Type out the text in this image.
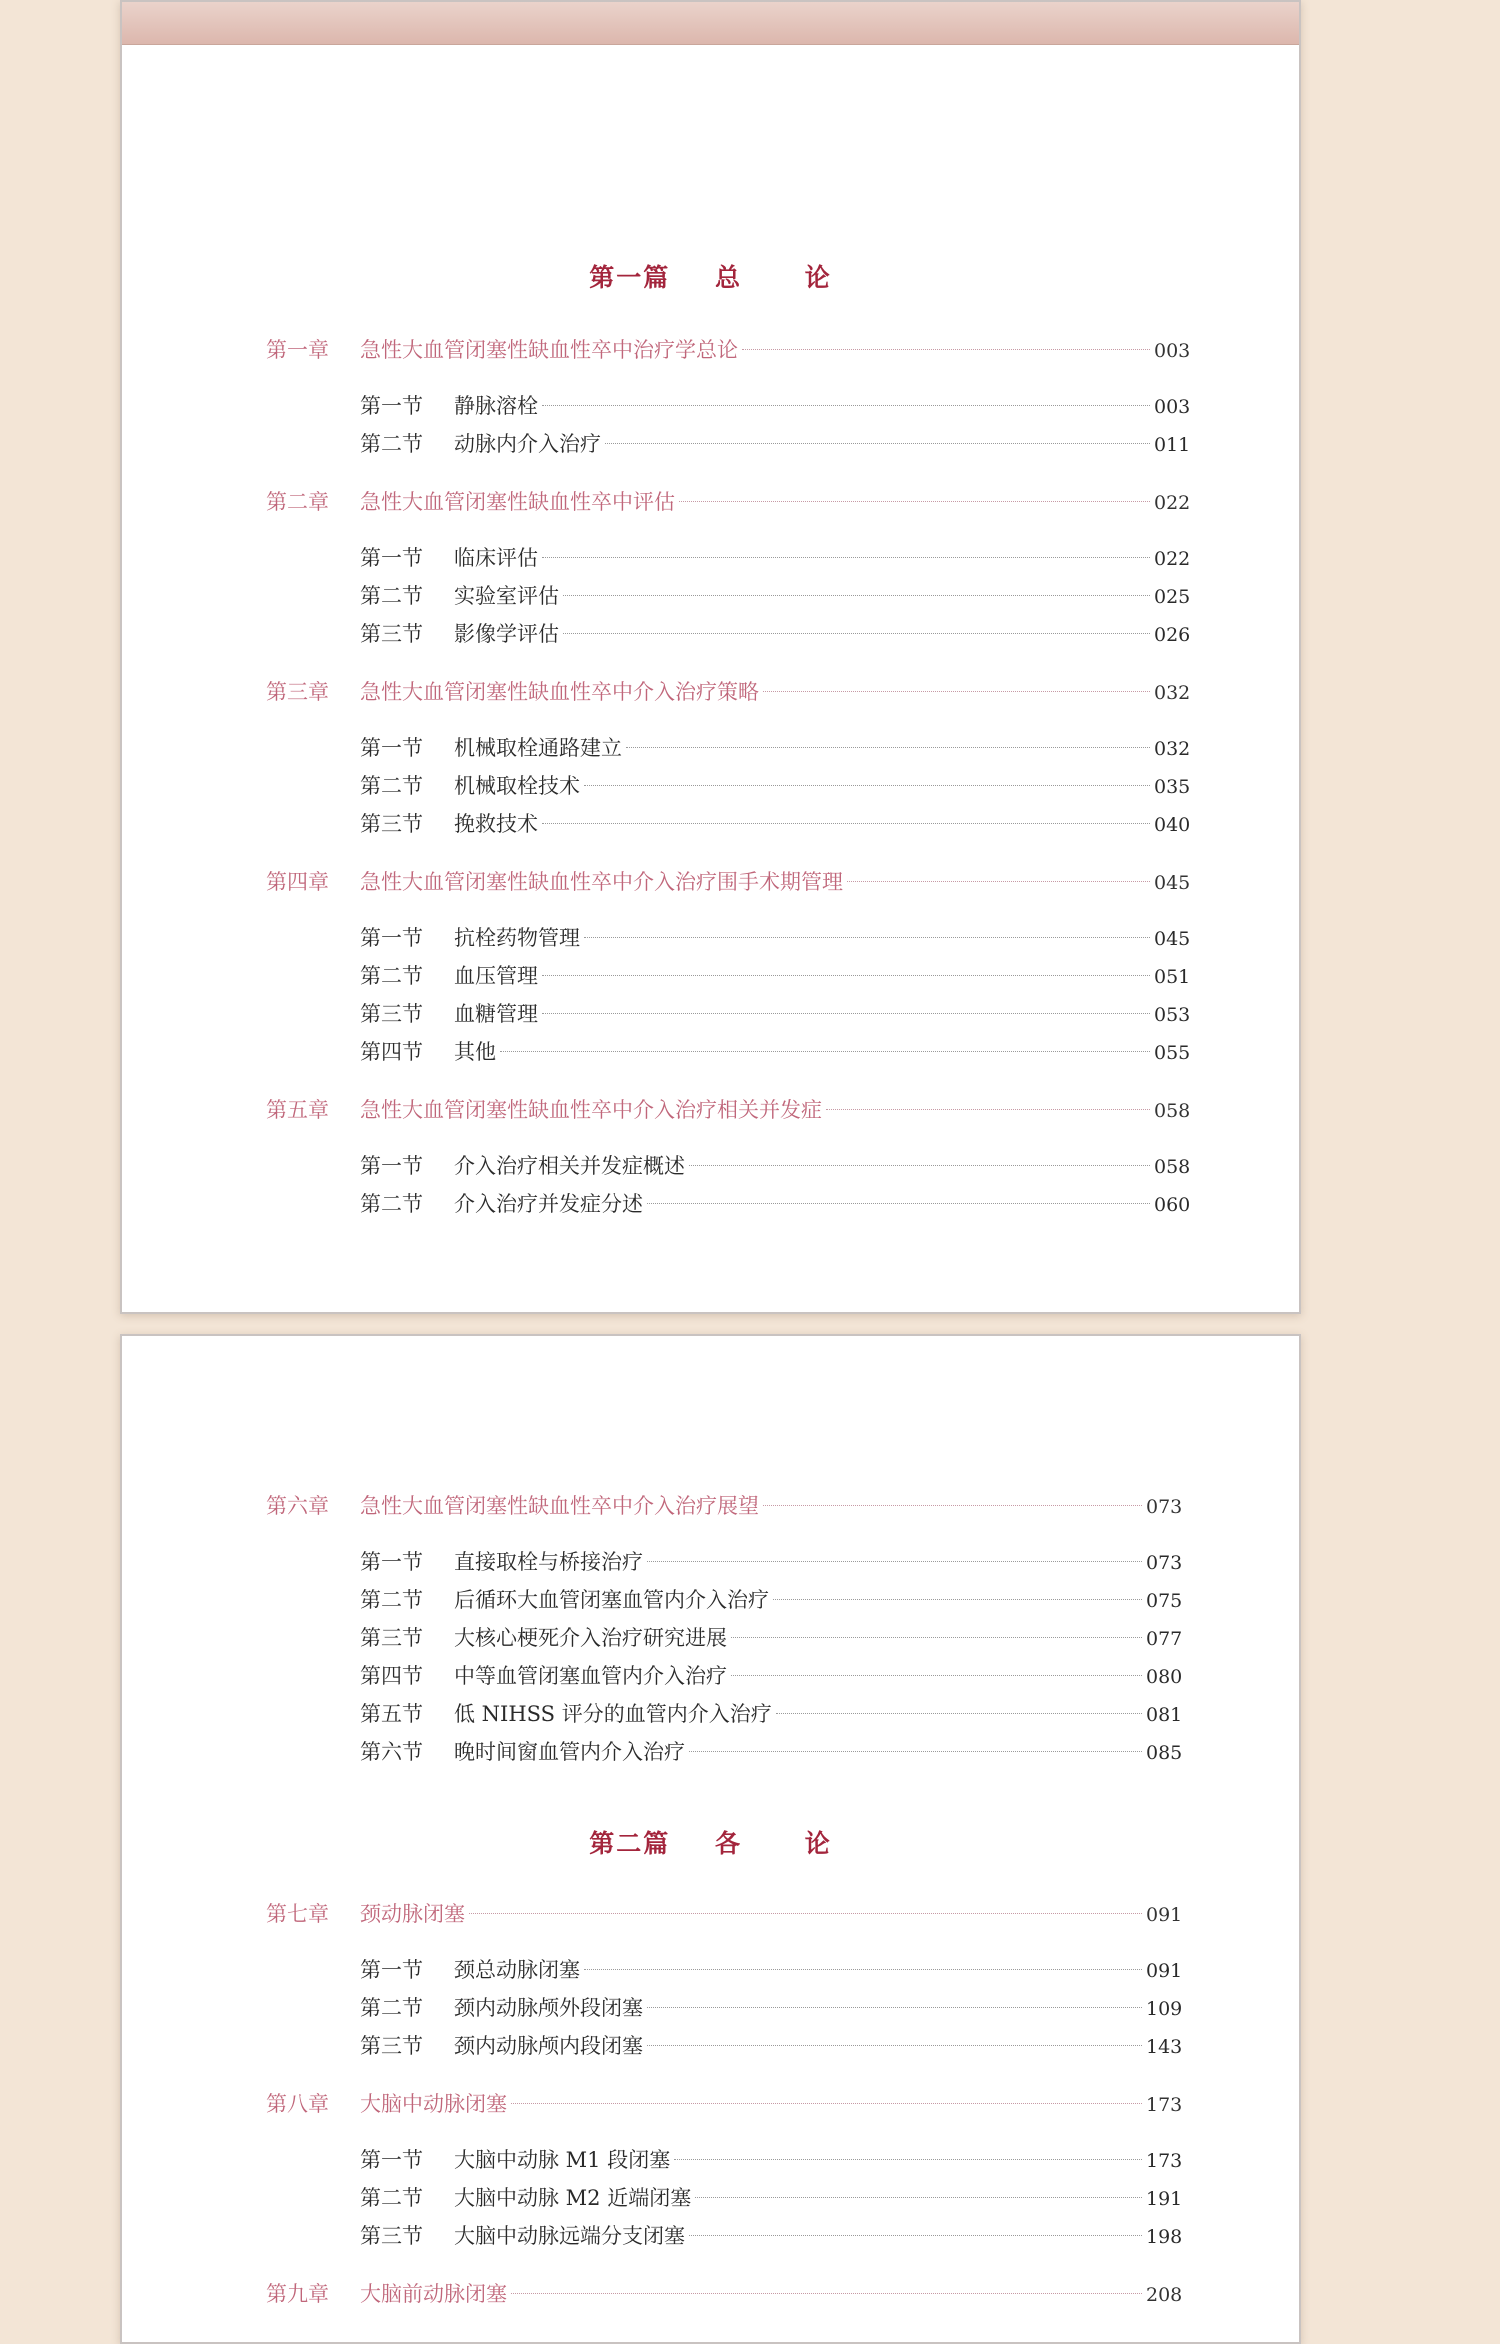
第一篇 总	论
第一章	急性大血管闭塞性缺血性卒中治疗学总论	003
第一节	静脉溶栓	003
第二节	动脉内介入治疗	011
第二章	急性大血管闭塞性缺血性卒中评估	022
第一节	临床评估	022
第二节	实验室评估	025
第三节	影像学评估	026
第三章	急性大血管闭塞性缺血性卒中介入治疗策略	032
第一节	机械取栓通路建立	032
第二节	机械取栓技术	035
第三节	挽救技术	040
第四章	急性大血管闭塞性缺血性卒中介入治疗围手术期管理	045
第一节	抗栓药物管理	045
第二节	血压管理	051
第三节	血糖管理	053
第四节	其他	055
第五章	急性大血管闭塞性缺血性卒中介入治疗相关并发症	058
第一节	介入治疗相关并发症概述	058
第二节	介入治疗并发症分述	060
第六章	急性大血管闭塞性缺血性卒中介入治疗展望	073
第一节	直接取栓与桥接治疗	073
第二节	后循环大血管闭塞血管内介入治疗	075
第三节	大核心梗死介入治疗研究进展	077
第四节	中等血管闭塞血管内介入治疗	080
第五节	低 NIHSS 评分的血管内介入治疗	081
第六节	晚时间窗血管内介入治疗	085
第二篇 各	论
第七章	颈动脉闭塞	091
第一节	颈总动脉闭塞	091
第二节	颈内动脉颅外段闭塞	109
第三节	颈内动脉颅内段闭塞	143
第八章	大脑中动脉闭塞	173
第一节	大脑中动脉 M1 段闭塞	173
第二节	大脑中动脉 M2 近端闭塞	191
第三节	大脑中动脉远端分支闭塞	198
第九章	大脑前动脉闭塞	208
